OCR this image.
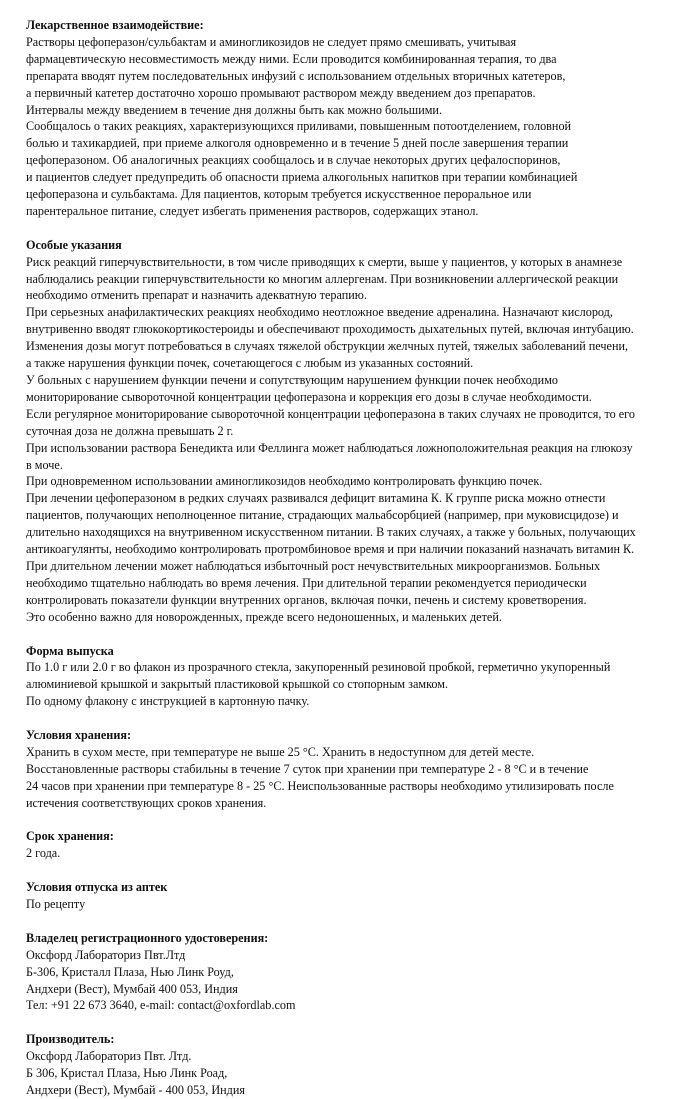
Лекарственное взаимодействие:

Растворы цефоперазон/сульбактам и аминогликозидов не следует прямо смешивать, учитывая

фармацевтическую несовместимость между ними. Если проводится комбинированная терапия, то два

препарата вводят путем последовательных инфузий с использованием отдельных вторичных катетеров,

а первичный катетер достаточно хорошо промывают раствором между введением доз препаратов.

Интервалы между введением в течение дня должны быть как можно большими.

Сообщалось о таких реакциях, характеризующихся приливами, повышенным потоотделением, головной

болью и тахикардией, при приеме алкоголя одновременно и в течение 5 дней после завершения терапии

цефоперазоном. Об аналогичных реакциях сообщалось и в случае некоторых других цефалоспоринов,

и пациентов следует предупредить об опасности приема алкогольных напитков при терапии комбинацией

цефоперазона и сульбактама. Для пациентов, которым требуется искусственное пероральное или

парентеральное питание, следует избегать применения растворов, содержащих этанол.

Особые указания

Риск реакций гиперчувствительности, в том числе приводящих к смерти, выше у пациентов, у которых в анамнезе

наблюдались реакции гиперчувствительности ко многим аллергенам. При возникновении аллергической реакции

необходимо отменить препарат и назначить адекватную терапию.

При серьезных анафилактических реакциях необходимо неотложное введение адреналина. Назначают кислород,

внутривенно вводят глюкокортикостероиды и обеспечивают проходимость дыхательных путей, включая интубацию.

Изменения дозы могут потребоваться в случаях тяжелой обструкции желчных путей, тяжелых заболеваний печени,

а также нарушения функции почек, сочетающегося с любым из указанных состояний.

У больных с нарушением функции печени и сопутствующим нарушением функции почек необходимо

мониторирование сывороточной концентрации цефоперазона и коррекция его дозы в случае необходимости.

Если регулярное мониторирование сывороточной концентрации цефоперазона в таких случаях не проводится, то его

суточная доза не должна превышать 2 г.

При использовании раствора Бенедикта или Феллинга может наблюдаться ложноположительная реакция на глюкозу

в моче.

При одновременном использовании аминогликозидов необходимо контролировать функцию почек.

При лечении цефоперазоном в редких случаях развивался дефицит витамина К. К группе риска можно отнести

пациентов, получающих неполноценное питание, страдающих мальабсорбцией (например, при муковисцидозе) и

длительно находящихся на внутривенном искусственном питании. В таких случаях, а также у больных, получающих

антикоагулянты, необходимо контролировать протромбиновое время и при наличии показаний назначать витамин К.

При длительном лечении может наблюдаться избыточный рост нечувствительных микроорганизмов. Больных

необходимо тщательно наблюдать во время лечения. При длительной терапии рекомендуется периодически

контролировать показатели функции внутренних органов, включая почки, печень и систему кроветворения.

Это особенно важно для новорожденных, прежде всего недоношенных, и маленьких детей.

Форма выпуска

По 1.0 г или 2.0 г во флакон из прозрачного стекла, закупоренный резиновой пробкой, герметично укупоренный

алюминиевой крышкой и закрытый пластиковой крышкой со стопорным замком.

По одному флакону с инструкцией в картонную пачку.

Условия хранения:

Хранить в сухом месте, при температуре не выше 25 °С. Хранить в недоступном для детей месте.

Восстановленные растворы стабильны в течение 7 суток при хранении при температуре 2 - 8 °С и в течение

24 часов при хранении при температуре 8 - 25 °С. Неиспользованные растворы необходимо утилизировать после

истечения соответствующих сроков хранения.

Срок хранения:

2 года.

Условия отпуска из аптек

По рецепту

Владелец регистрационного удостоверения:

Оксфорд Лабораториз Пвт.Лтд

Б-306, Кристалл Плаза, Нью Линк Роуд,

Андхери (Вест), Мумбай 400 053, Индия

Тел: +91 22 673 3640, e-mail: contact@oxfordlab.com

Производитель:

Оксфорд Лабораториз Пвт. Лтд.

Б 306, Кристал Плаза, Нью Линк Роад,

Андхери (Вест), Мумбай - 400 053, Индия
